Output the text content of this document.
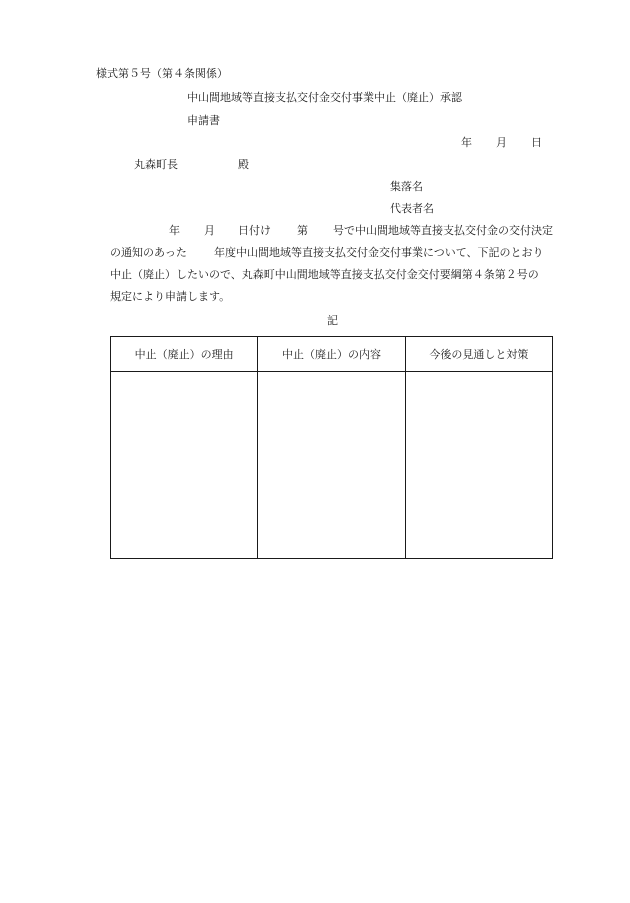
様式第５号（第４条関係）
中山間地域等直接支払交付金交付事業中止（廃止）承認
申請書
年 月 日
丸森町長	殿
集落名
代表者名
年 月 日付け 第 号で中山間地域等直接支払交付金の交付決定
の通知のあった 年度中山間地域等直接支払交付金交付事業について、下記のとおり
中止（廃止）したいので、丸森町中山間地域等直接支払交付金交付要綱第４条第２号の
規定により申請します。
記
中止（廃止）の理由	中止（廃止）の内容	今後の見通しと対策
